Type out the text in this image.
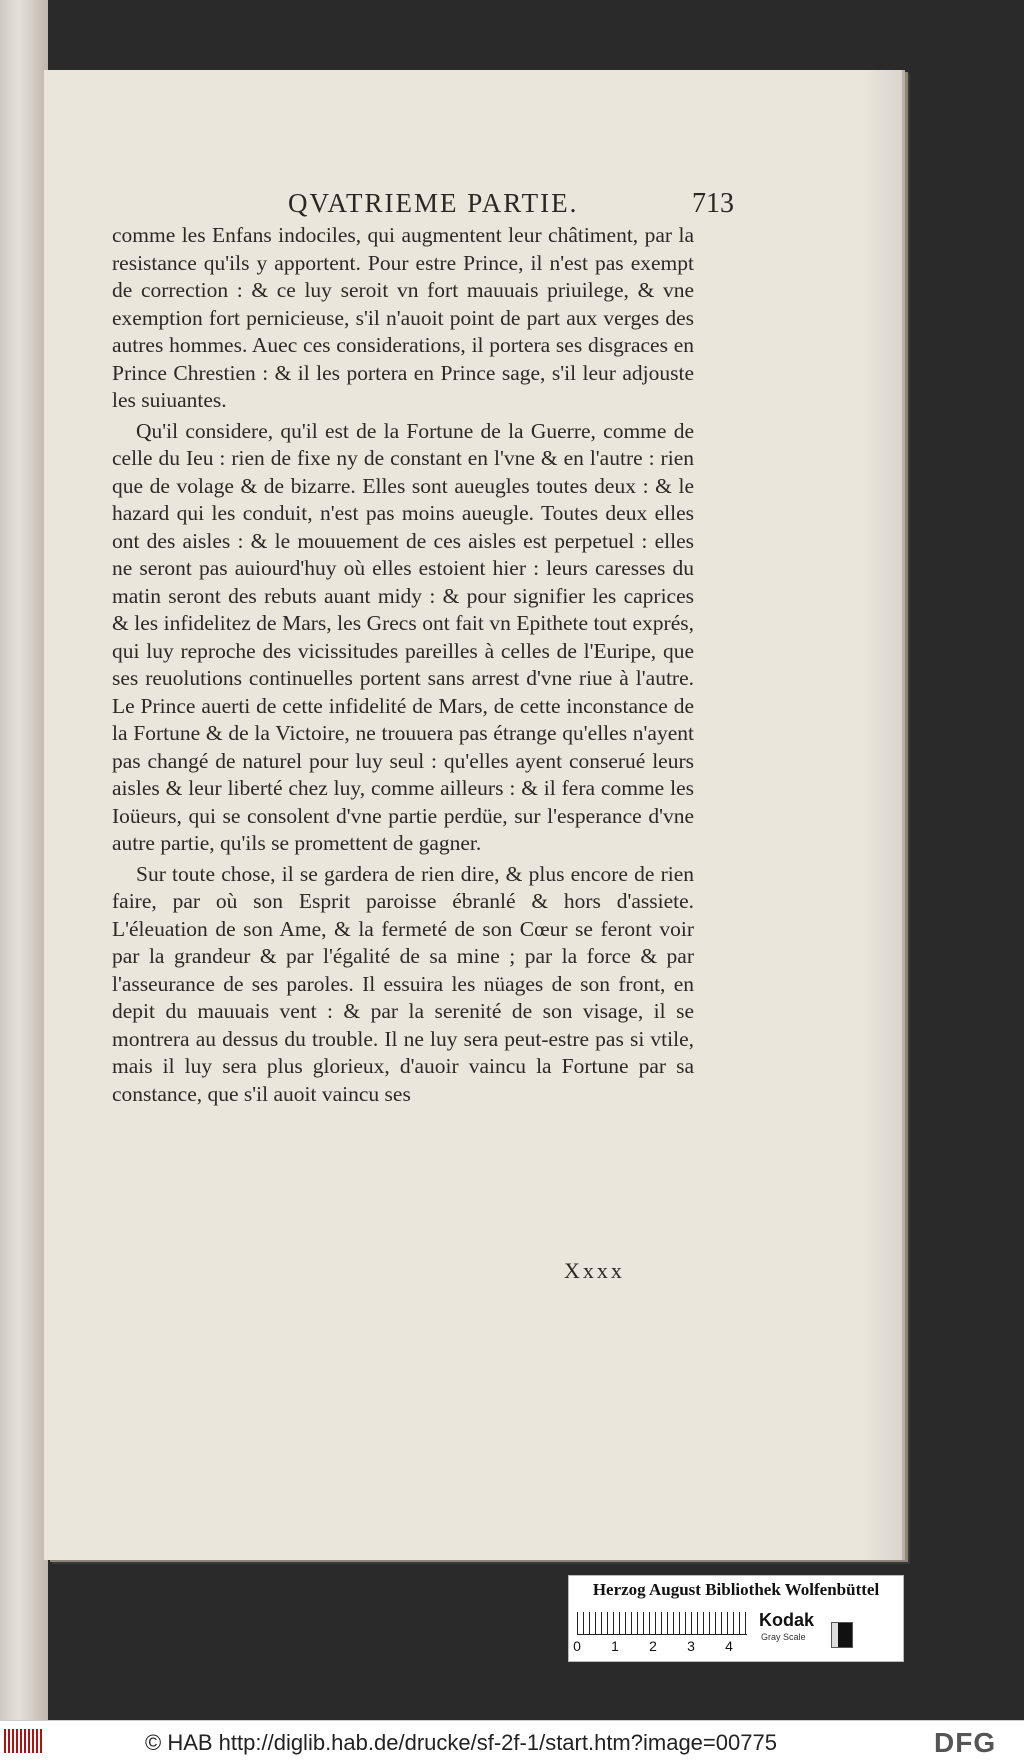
QVATRIEME PARTIE.	713

comme les Enfans indociles, qui augmentent leur châtiment, par la resistance qu'ils y apportent. Pour estre Prince, il n'est pas exempt de correction : & ce luy seroit vn fort mauuais priuilege, & vne exemption fort pernicieuse, s'il n'auoit point de part aux verges des autres hommes. Auec ces considerations, il portera ses disgraces en Prince Chrestien : & il les portera en Prince sage, s'il leur adjouste les suiuantes.

Qu'il considere, qu'il est de la Fortune de la Guerre, comme de celle du Ieu : rien de fixe ny de constant en l'vne & en l'autre : rien que de volage & de bizarre. Elles sont aueugles toutes deux : & le hazard qui les conduit, n'est pas moins aueugle. Toutes deux elles ont des aisles : & le mouuement de ces aisles est perpetuel : elles ne seront pas auiourd'huy où elles estoient hier : leurs caresses du matin seront des rebuts auant midy : & pour signifier les caprices & les infidelitez de Mars, les Grecs ont fait vn Epithete tout exprés, qui luy reproche des vicissitudes pareilles à celles de l'Euripe, que ses reuolutions continuelles portent sans arrest d'vne riue à l'autre. Le Prince auerti de cette infidelité de Mars, de cette inconstance de la Fortune & de la Victoire, ne trouuera pas étrange qu'elles n'ayent pas changé de naturel pour luy seul : qu'elles ayent conserué leurs aisles & leur liberté chez luy, comme ailleurs : & il fera comme les Ioüeurs, qui se consolent d'vne partie perdüe, sur l'esperance d'vne autre partie, qu'ils se promettent de gagner.

Sur toute chose, il se gardera de rien dire, & plus encore de rien faire, par où son Esprit paroisse ébranlé & hors d'assiete. L'éleuation de son Ame, & la fermeté de son Cœur se feront voir par la grandeur & par l'égalité de sa mine ; par la force & par l'asseurance de ses paroles. Il essuira les nüages de son front, en depit du mauuais vent : & par la serenité de son visage, il se montrera au dessus du trouble. Il ne luy sera peut-estre pas si vtile, mais il luy sera plus glorieux, d'auoir vaincu la Fortune par sa constance, que s'il auoit vaincu ses

Xxxx
Herzog August Bibliothek Wolfenbüttel
0 1 2 3 4
Kodak
Gray Scale
© HAB http://diglib.hab.de/drucke/sf-2f-1/start.htm?image=00775	DFG
